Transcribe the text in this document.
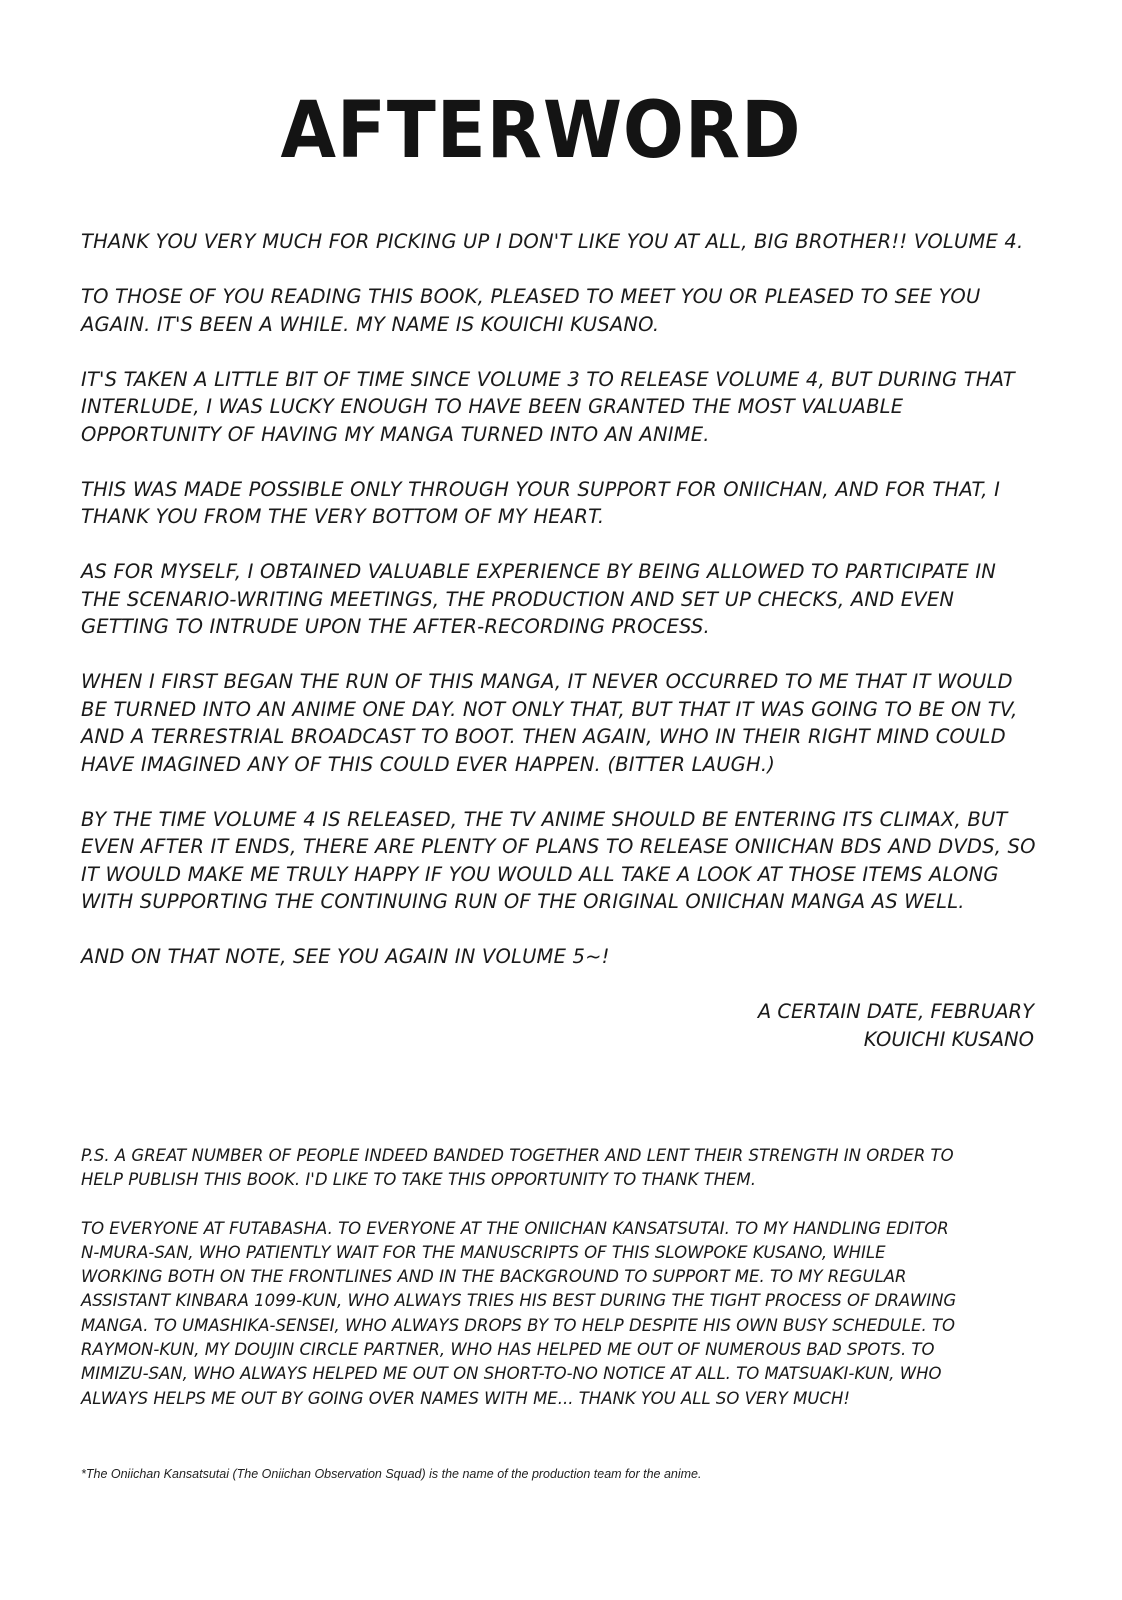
AFTERWORD

THANK YOU VERY MUCH FOR PICKING UP I DON'T LIKE YOU AT ALL, BIG BROTHER!! VOLUME 4.

TO THOSE OF YOU READING THIS BOOK, PLEASED TO MEET YOU OR PLEASED TO SEE YOU AGAIN. IT'S BEEN A WHILE. MY NAME IS KOUICHI KUSANO.

IT'S TAKEN A LITTLE BIT OF TIME SINCE VOLUME 3 TO RELEASE VOLUME 4, BUT DURING THAT INTERLUDE, I WAS LUCKY ENOUGH TO HAVE BEEN GRANTED THE MOST VALUABLE OPPORTUNITY OF HAVING MY MANGA TURNED INTO AN ANIME.

THIS WAS MADE POSSIBLE ONLY THROUGH YOUR SUPPORT FOR ONIICHAN, AND FOR THAT, I THANK YOU FROM THE VERY BOTTOM OF MY HEART.

AS FOR MYSELF, I OBTAINED VALUABLE EXPERIENCE BY BEING ALLOWED TO PARTICIPATE IN THE SCENARIO-WRITING MEETINGS, THE PRODUCTION AND SET UP CHECKS, AND EVEN GETTING TO INTRUDE UPON THE AFTER-RECORDING PROCESS.

WHEN I FIRST BEGAN THE RUN OF THIS MANGA, IT NEVER OCCURRED TO ME THAT IT WOULD BE TURNED INTO AN ANIME ONE DAY. NOT ONLY THAT, BUT THAT IT WAS GOING TO BE ON TV, AND A TERRESTRIAL BROADCAST TO BOOT. THEN AGAIN, WHO IN THEIR RIGHT MIND COULD HAVE IMAGINED ANY OF THIS COULD EVER HAPPEN. (BITTER LAUGH.)

BY THE TIME VOLUME 4 IS RELEASED, THE TV ANIME SHOULD BE ENTERING ITS CLIMAX, BUT EVEN AFTER IT ENDS, THERE ARE PLENTY OF PLANS TO RELEASE ONIICHAN BDS AND DVDS, SO IT WOULD MAKE ME TRULY HAPPY IF YOU WOULD ALL TAKE A LOOK AT THOSE ITEMS ALONG WITH SUPPORTING THE CONTINUING RUN OF THE ORIGINAL ONIICHAN MANGA AS WELL.

AND ON THAT NOTE, SEE YOU AGAIN IN VOLUME 5~!

A CERTAIN DATE, FEBRUARY
KOUICHI KUSANO

P.S. A GREAT NUMBER OF PEOPLE INDEED BANDED TOGETHER AND LENT THEIR STRENGTH IN ORDER TO HELP PUBLISH THIS BOOK. I'D LIKE TO TAKE THIS OPPORTUNITY TO THANK THEM.

TO EVERYONE AT FUTABASHA. TO EVERYONE AT THE ONIICHAN KANSATSUTAI. TO MY HANDLING EDITOR N-MURA-SAN, WHO PATIENTLY WAIT FOR THE MANUSCRIPTS OF THIS SLOWPOKE KUSANO, WHILE WORKING BOTH ON THE FRONTLINES AND IN THE BACKGROUND TO SUPPORT ME. TO MY REGULAR ASSISTANT KINBARA 1099-KUN, WHO ALWAYS TRIES HIS BEST DURING THE TIGHT PROCESS OF DRAWING MANGA. TO UMASHIKA-SENSEI, WHO ALWAYS DROPS BY TO HELP DESPITE HIS OWN BUSY SCHEDULE. TO RAYMON-KUN, MY DOUJIN CIRCLE PARTNER, WHO HAS HELPED ME OUT OF NUMEROUS BAD SPOTS. TO MIMIZU-SAN, WHO ALWAYS HELPED ME OUT ON SHORT-TO-NO NOTICE AT ALL. TO MATSUAKI-KUN, WHO ALWAYS HELPS ME OUT BY GOING OVER NAMES WITH ME... THANK YOU ALL SO VERY MUCH!

*The Oniichan Kansatsutai (The Oniichan Observation Squad) is the name of the production team for the anime.
